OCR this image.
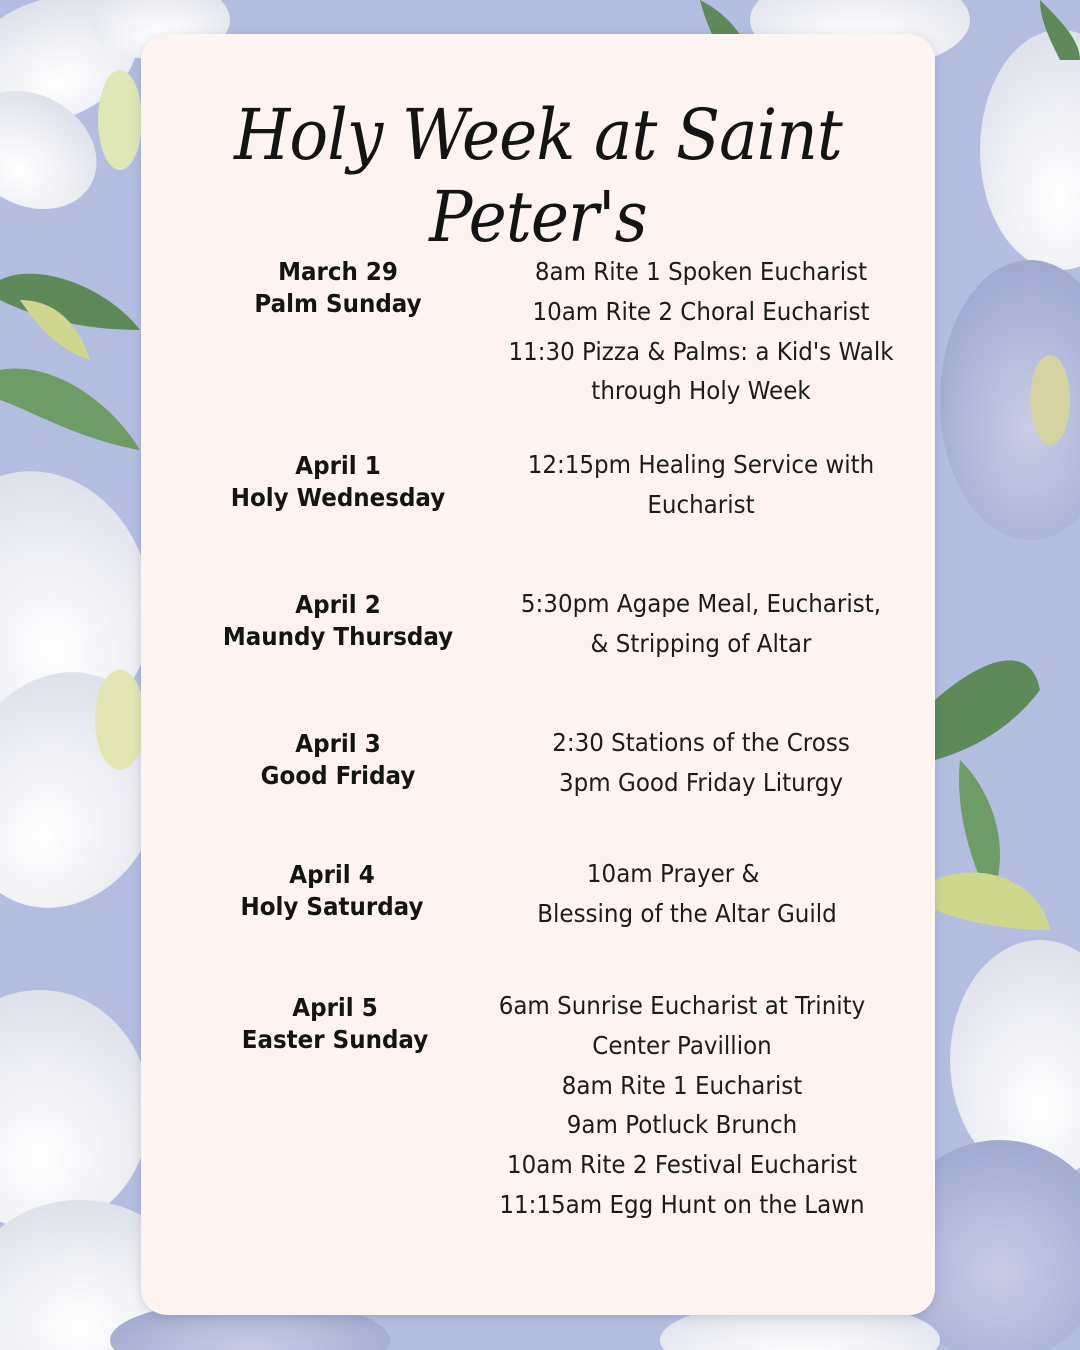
Holy Week at Saint Peter's
March 29
Palm Sunday
8am Rite 1 Spoken Eucharist
10am Rite 2 Choral Eucharist
11:30 Pizza & Palms: a Kid's Walk
through Holy Week
April 1
Holy Wednesday
12:15pm Healing Service with
Eucharist
April 2
Maundy Thursday
5:30pm Agape Meal, Eucharist,
& Stripping of Altar
April 3
Good Friday
2:30 Stations of the Cross
3pm Good Friday Liturgy
April 4
Holy Saturday
10am Prayer &
Blessing of the Altar Guild
April 5
Easter Sunday
6am Sunrise Eucharist at Trinity
Center Pavillion
8am Rite 1 Eucharist
9am Potluck Brunch
10am Rite 2 Festival Eucharist
11:15am Egg Hunt on the Lawn
